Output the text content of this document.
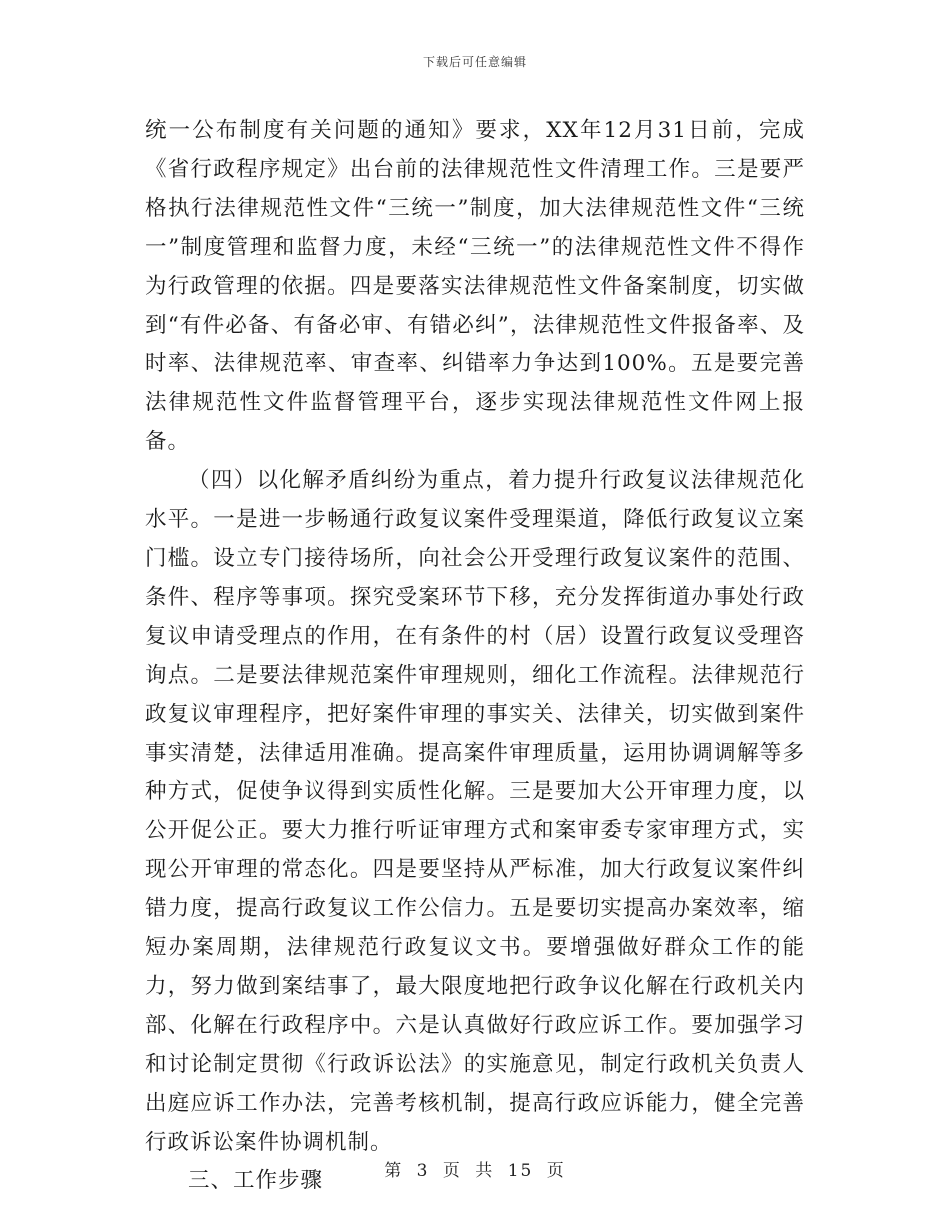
下载后可任意编辑

统一公布制度有关问题的通知》要求，XX年12月31日前，完成《省行政程序规定》出台前的法律规范性文件清理工作。三是要严格执行法律规范性文件“三统一”制度，加大法律规范性文件“三统一”制度管理和监督力度，未经“三统一”的法律规范性文件不得作为行政管理的依据。四是要落实法律规范性文件备案制度，切实做到“有件必备、有备必审、有错必纠”，法律规范性文件报备率、及时率、法律规范率、审查率、纠错率力争达到100%。五是要完善法律规范性文件监督管理平台，逐步实现法律规范性文件网上报备。

（四）以化解矛盾纠纷为重点，着力提升行政复议法律规范化水平。一是进一步畅通行政复议案件受理渠道，降低行政复议立案门槛。设立专门接待场所，向社会公开受理行政复议案件的范围、条件、程序等事项。探究受案环节下移，充分发挥街道办事处行政复议申请受理点的作用，在有条件的村（居）设置行政复议受理咨询点。二是要法律规范案件审理规则，细化工作流程。法律规范行政复议审理程序，把好案件审理的事实关、法律关，切实做到案件事实清楚，法律适用准确。提高案件审理质量，运用协调调解等多种方式，促使争议得到实质性化解。三是要加大公开审理力度，以公开促公正。要大力推行听证审理方式和案审委专家审理方式，实现公开审理的常态化。四是要坚持从严标准，加大行政复议案件纠错力度，提高行政复议工作公信力。五是要切实提高办案效率，缩短办案周期，法律规范行政复议文书。要增强做好群众工作的能力，努力做到案结事了，最大限度地把行政争议化解在行政机关内部、化解在行政程序中。六是认真做好行政应诉工作。要加强学习和讨论制定贯彻《行政诉讼法》的实施意见，制定行政机关负责人出庭应诉工作办法，完善考核机制，提高行政应诉能力，健全完善行政诉讼案件协调机制。

三、工作步骤	第 3 页 共 15 页
